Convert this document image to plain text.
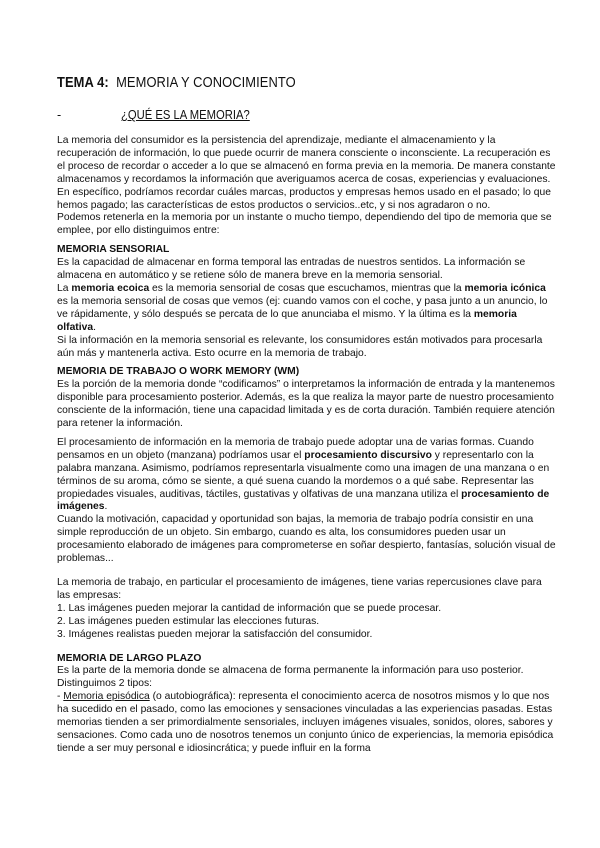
TEMA 4: MEMORIA Y CONOCIMIENTO
-	¿QUÉ ES LA MEMORIA?

La memoria del consumidor es la persistencia del aprendizaje, mediante el almacenamiento y la recuperación de información, lo que puede ocurrir de manera consciente o inconsciente. La recuperación es el proceso de recordar o acceder a lo que se almacenó en forma previa en la memoria. De manera constante almacenamos y recordamos la información que averiguamos acerca de cosas, experiencias y evaluaciones. En específico, podríamos recordar cuáles marcas, productos y empresas hemos usado en el pasado; lo que hemos pagado; las características de estos productos o servicios..etc, y si nos agradaron o no.

Podemos retenerla en la memoria por un instante o mucho tiempo, dependiendo del tipo de memoria que se emplee, por ello distinguimos entre:

MEMORIA SENSORIAL

Es la capacidad de almacenar en forma temporal las entradas de nuestros sentidos. La información se almacena en automático y se retiene sólo de manera breve en la memoria sensorial.

La memoria ecoica es la memoria sensorial de cosas que escuchamos, mientras que la memoria icónica es la memoria sensorial de cosas que vemos (ej: cuando vamos con el coche, y pasa junto a un anuncio, lo ve rápidamente, y sólo después se percata de lo que anunciaba el mismo. Y la última es la memoria olfativa.

Si la información en la memoria sensorial es relevante, los consumidores están motivados para procesarla aún más y mantenerla activa. Esto ocurre en la memoria de trabajo.

MEMORIA DE TRABAJO O WORK MEMORY (WM)

Es la porción de la memoria donde “codificamos” o interpretamos la información de entrada y la mantenemos disponible para procesamiento posterior. Además, es la que realiza la mayor parte de nuestro procesamiento consciente de la información, tiene una capacidad limitada y es de corta duración. También requiere atención para retener la información.

El procesamiento de información en la memoria de trabajo puede adoptar una de varias formas. Cuando pensamos en un objeto (manzana) podríamos usar el procesamiento discursivo y representarlo con la palabra manzana. Asimismo, podríamos representarla visualmente como una imagen de una manzana o en términos de su aroma, cómo se siente, a qué suena cuando la mordemos o a qué sabe. Representar las propiedades visuales, auditivas, táctiles, gustativas y olfativas de una manzana utiliza el procesamiento de imágenes.

Cuando la motivación, capacidad y oportunidad son bajas, la memoria de trabajo podría consistir en una simple reproducción de un objeto. Sin embargo, cuando es alta, los consumidores pueden usar un procesamiento elaborado de imágenes para comprometerse en soñar despierto, fantasías, solución visual de problemas...

La memoria de trabajo, en particular el procesamiento de imágenes, tiene varias repercusiones clave para las empresas:

1. Las imágenes pueden mejorar la cantidad de información que se puede procesar.

2. Las imágenes pueden estimular las elecciones futuras.

3. Imágenes realistas pueden mejorar la satisfacción del consumidor.

MEMORIA DE LARGO PLAZO

Es la parte de la memoria donde se almacena de forma permanente la información para uso posterior. Distinguimos 2 tipos:

- Memoria episódica (o autobiográfica): representa el conocimiento acerca de nosotros mismos y lo que nos ha sucedido en el pasado, como las emociones y sensaciones vinculadas a las experiencias pasadas. Estas memorias tienden a ser primordialmente sensoriales, incluyen imágenes visuales, sonidos, olores, sabores y sensaciones. Como cada uno de nosotros tenemos un conjunto único de experiencias, la memoria episódica tiende a ser muy personal e idiosincrática; y puede influir en la forma
